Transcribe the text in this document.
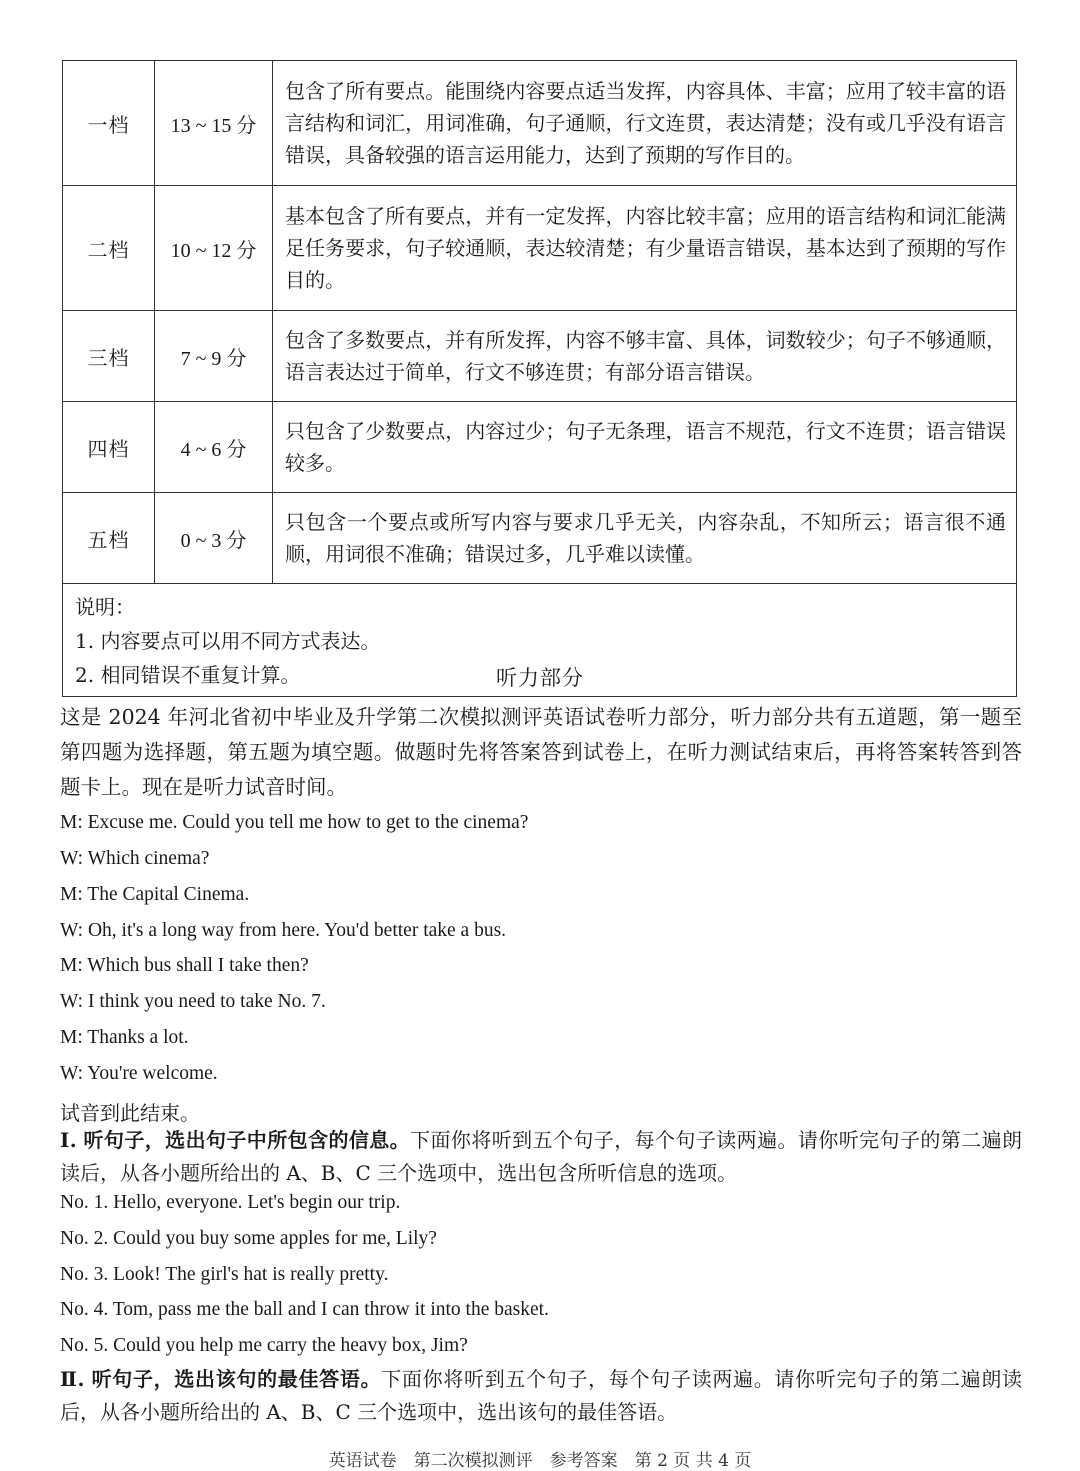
一档	13 ~ 15 分	包含了所有要点。能围绕内容要点适当发挥，内容具体、丰富；应用了较丰富的语言结构和词汇，用词准确，句子通顺，行文连贯，表达清楚；没有或几乎没有语言错误，具备较强的语言运用能力，达到了预期的写作目的。
二档	10 ~ 12 分	基本包含了所有要点，并有一定发挥，内容比较丰富；应用的语言结构和词汇能满足任务要求，句子较通顺，表达较清楚；有少量语言错误，基本达到了预期的写作目的。
三档	7 ~ 9 分	包含了多数要点，并有所发挥，内容不够丰富、具体，词数较少；句子不够通顺，语言表达过于简单，行文不够连贯；有部分语言错误。
四档	4 ~ 6 分	只包含了少数要点，内容过少；句子无条理，语言不规范，行文不连贯；语言错误较多。
五档	0 ~ 3 分	只包含一个要点或所写内容与要求几乎无关，内容杂乱，不知所云；语言很不通顺，用词很不准确；错误过多，几乎难以读懂。

说明：
1. 内容要点可以用不同方式表达。
2. 相同错误不重复计算。			听力部分
这是 2024 年河北省初中毕业及升学第二次模拟测评英语试卷听力部分，听力部分共有五道题，第一题至第四题为选择题，第五题为填空题。做题时先将答案答到试卷上，在听力测试结束后，再将答案转答到答题卡上。现在是听力试音时间。
M: Excuse me. Could you tell me how to get to the cinema?
W: Which cinema?
M: The Capital Cinema.
W: Oh, it's a long way from here. You'd better take a bus.
M: Which bus shall I take then?
W: I think you need to take No. 7.
M: Thanks a lot.
W: You're welcome.
试音到此结束。
Ⅰ. 听句子，选出句子中所包含的信息。下面你将听到五个句子，每个句子读两遍。请你听完句子的第二遍朗读后，从各小题所给出的 A、B、C 三个选项中，选出包含所听信息的选项。
No. 1. Hello, everyone. Let's begin our trip.
No. 2. Could you buy some apples for me, Lily?
No. 3. Look! The girl's hat is really pretty.
No. 4. Tom, pass me the ball and I can throw it into the basket.
No. 5. Could you help me carry the heavy box, Jim?
Ⅱ. 听句子，选出该句的最佳答语。下面你将听到五个句子，每个句子读两遍。请你听完句子的第二遍朗读后，从各小题所给出的 A、B、C 三个选项中，选出该句的最佳答语。
英语试卷　第二次模拟测评　参考答案　第 2 页 共 4 页
